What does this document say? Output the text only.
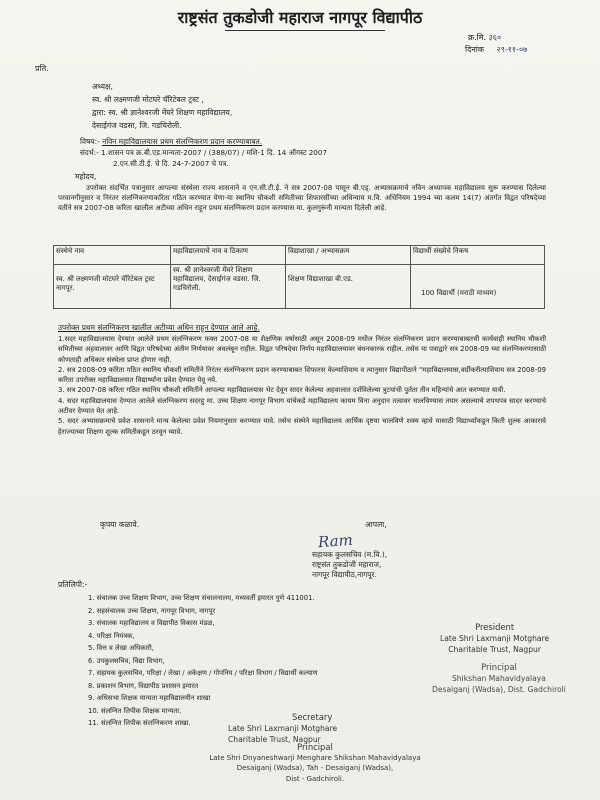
राष्ट्रसंत तुकडोजी महाराज नागपूर विद्यापीठ
क्र.मि. ३६०
दिनांक २९-११-०७
प्रति.
अध्यक्ष,
स्व. श्री लक्ष्मणजी मोटघरे चॅरिटेबल ट्रस्ट ,
द्वारा: स्व. श्री ज्ञानेश्वरजी मेंघरे शिक्षण महाविद्यालय,
देसाईगंज वडसा, जि. गडचिरोली.
विषय:- नविन महाविद्यालयास प्रथम संलग्निकरण प्रदान करण्याबाबत.
संदर्भ:- 1.शासन पत्र क्र.बी.एड.मान्यता-2007 / (388/07) / मशि-1 दि. 14 ऑगस्ट 2007
2.एन.सी.टी.ई. चे दि. 24-7-2007 चे पत्र.
महोदय,
उपरोक्त संदर्भित पत्रानुसार आपल्या संस्थेला राज्य शासनाने व एन.सी.टी.ई. ने सत्र 2007-08 पासून बी.एड्. अभ्यासक्रमाचे नविन अध्यापक महाविद्यालय सुरू करण्यास दिलेल्या परवानगीनुसार व निरंतर संलग्निकरणाकरिता गठित करण्यात येणा-या स्थानिय चौकशी समितीच्या शिफारसींच्या अधिन्याय म.वि. अधिनियम 1994 च्या कलम 14(7) अंतर्गत विद्वत परिषदेच्या वतीने सत्र 2007-08 करिता खालील अटीच्या अधिन राहून प्रथम संलग्निकरण प्रदान करण्यास मा. कुलगुरूंनी मान्यता दिलेली आहे.
संस्थेचे नाव	महाविद्यालयाचे नाव व ठिकाण	विद्याशाखा / अभ्यासक्रम	विद्यार्थी संख्येचे निकष
स्व. श्री लक्ष्मणजी मोटघरे चॅरिटेबल ट्रस्ट नागपूर.	स्व. श्री ज्ञानेश्वरजी मेंघरे शिक्षण महाविद्यालय, देसाईगंज वडसा. जि. गडचिरोली.	शिक्षण विद्याशाखा बी.एड.	100 विद्यार्थी (मराठी माध्यम)
उपरोक्त प्रथम संलग्निकरण खालील अटीच्या अधिन राहून देण्यात आले आहे.
1.सदर महाविद्यालयास देण्यात आलेले प्रथम संलग्निकरण फक्त 2007-08 या शैक्षणिक वर्षासाठी असून 2008-09 मधील निरंतर संलग्निकरण प्रदान करण्याबाबतची कार्यवाही स्थानिय चौकशी समितीच्या अहवालावर आणि विद्वत परिषदेच्या अंतीम निर्णयावर अवलंबून राहील. विद्वत परिषदेचा निर्णय महाविद्यालयावर बंधनकारक राहील. तसेच या पत्राद्वारे सत्र 2008-09 च्या संलग्निकरणासाठी कोणताही अधिकार संस्थेला प्राप्त होणार नाही.
2. सत्र 2008-09 करिता गठित स्थानिय चौकशी समितीने निरंतर संलग्निकरण प्रदान करण्याबाबत शिफारस केल्याशिवाय व त्यानुसार विद्यापीठाने "महाविद्यालयास,वर्ग्रीकरीत्याशिवाय सत्र 2008-09 करिता उपरोक्त महाविद्यालयात विद्यार्थ्यांना प्रवेश देण्यात येवू नये.
3. सत्र 2007-08 करिता गठित स्थानिय चौकशी समितीने आपल्या महाविद्यालयास भेट देवून सादर केलेल्या अहवालात दर्शविलेल्या त्रुटयांची पुर्तता तीन महिन्यांचे आत करण्यात यावी.
4. सदर महाविद्यालयास देण्यात आलेले संलग्निकरण सदरहु मा. उच्च शिक्षण नागपूर विभाग यांचेकडे महाविद्यालय कायम विना अनुदान तत्वावर चालविण्यास तयार असल्याचे शपथपत्र सादर करण्याचे अटीवर देण्यात येत आहे.
5. सदर अभ्यासक्रमाचे प्रवेश शासनाने मान्य केलेल्या प्रवेश नियमानुसार करण्यात यावे. तसेच संस्थेने महाविद्यालय आर्थिक दृष्टया चालविणे शक्य व्हावे यासाठी विद्यार्थ्यांकडून किती शुल्क आकारावे हेराज्याच्या शिक्षण शुल्क समितीकडून ठरवून घ्यावे.
कृपया कळावे.	आपला,
Ram
सहायक कुलसचिव (म.वि.),
राष्ट्रसंत तुकडोजी महाराज,
नागपूर विद्यापीठ,नागपूर.
प्रतिलिपी:-
1. संचालक उच्च शिक्षण विभाग, उच्च शिक्षण संचालनालय, मध्यवर्ती इमारत पुणे 411001.
2. सहसंचालक उच्च शिक्षण, नागपूर विभाग, नागपूर
3. संचालक महाविद्यालय व विद्यापीठ विकास मंडळ,
4. परिक्षा नियंत्रक,
5. वित्त व लेखा अधिकारी,
6. उपकुलसचिव, विद्या विभाग,
7. सहायक कुलसचिव, परिक्षा / लेखा / अकेक्षण / गोपनिय / परिक्षा विभाग / विद्यार्थी कल्याण
8. प्रकाशन विभाग, विद्यापीठ प्रशासन इमारत
9. अधिसभा शिक्षक मान्यता महाविद्यालयीन शाखा
10. संलग्नित लिपीक शिक्षक मान्यता.
11. संलग्नित लिपीक संलग्निकरण शाखा.
President
Late Shri Laxmanji Motghare
Charitable Trust, Nagpur
Principal
Shikshan Mahavidyalaya
Desaiganj (Wadsa), Dist. Gadchiroli
Secretary
Late Shri Laxmanji Motghare
Charitable Trust, Nagpur
Principal
Late Shri Dnyaneshwarji Menghare Shikshan Mahavidyalaya
Desaiganj (Wadsa), Tah - Desaiganj (Wadsa),
Dist - Gadchiroli.
